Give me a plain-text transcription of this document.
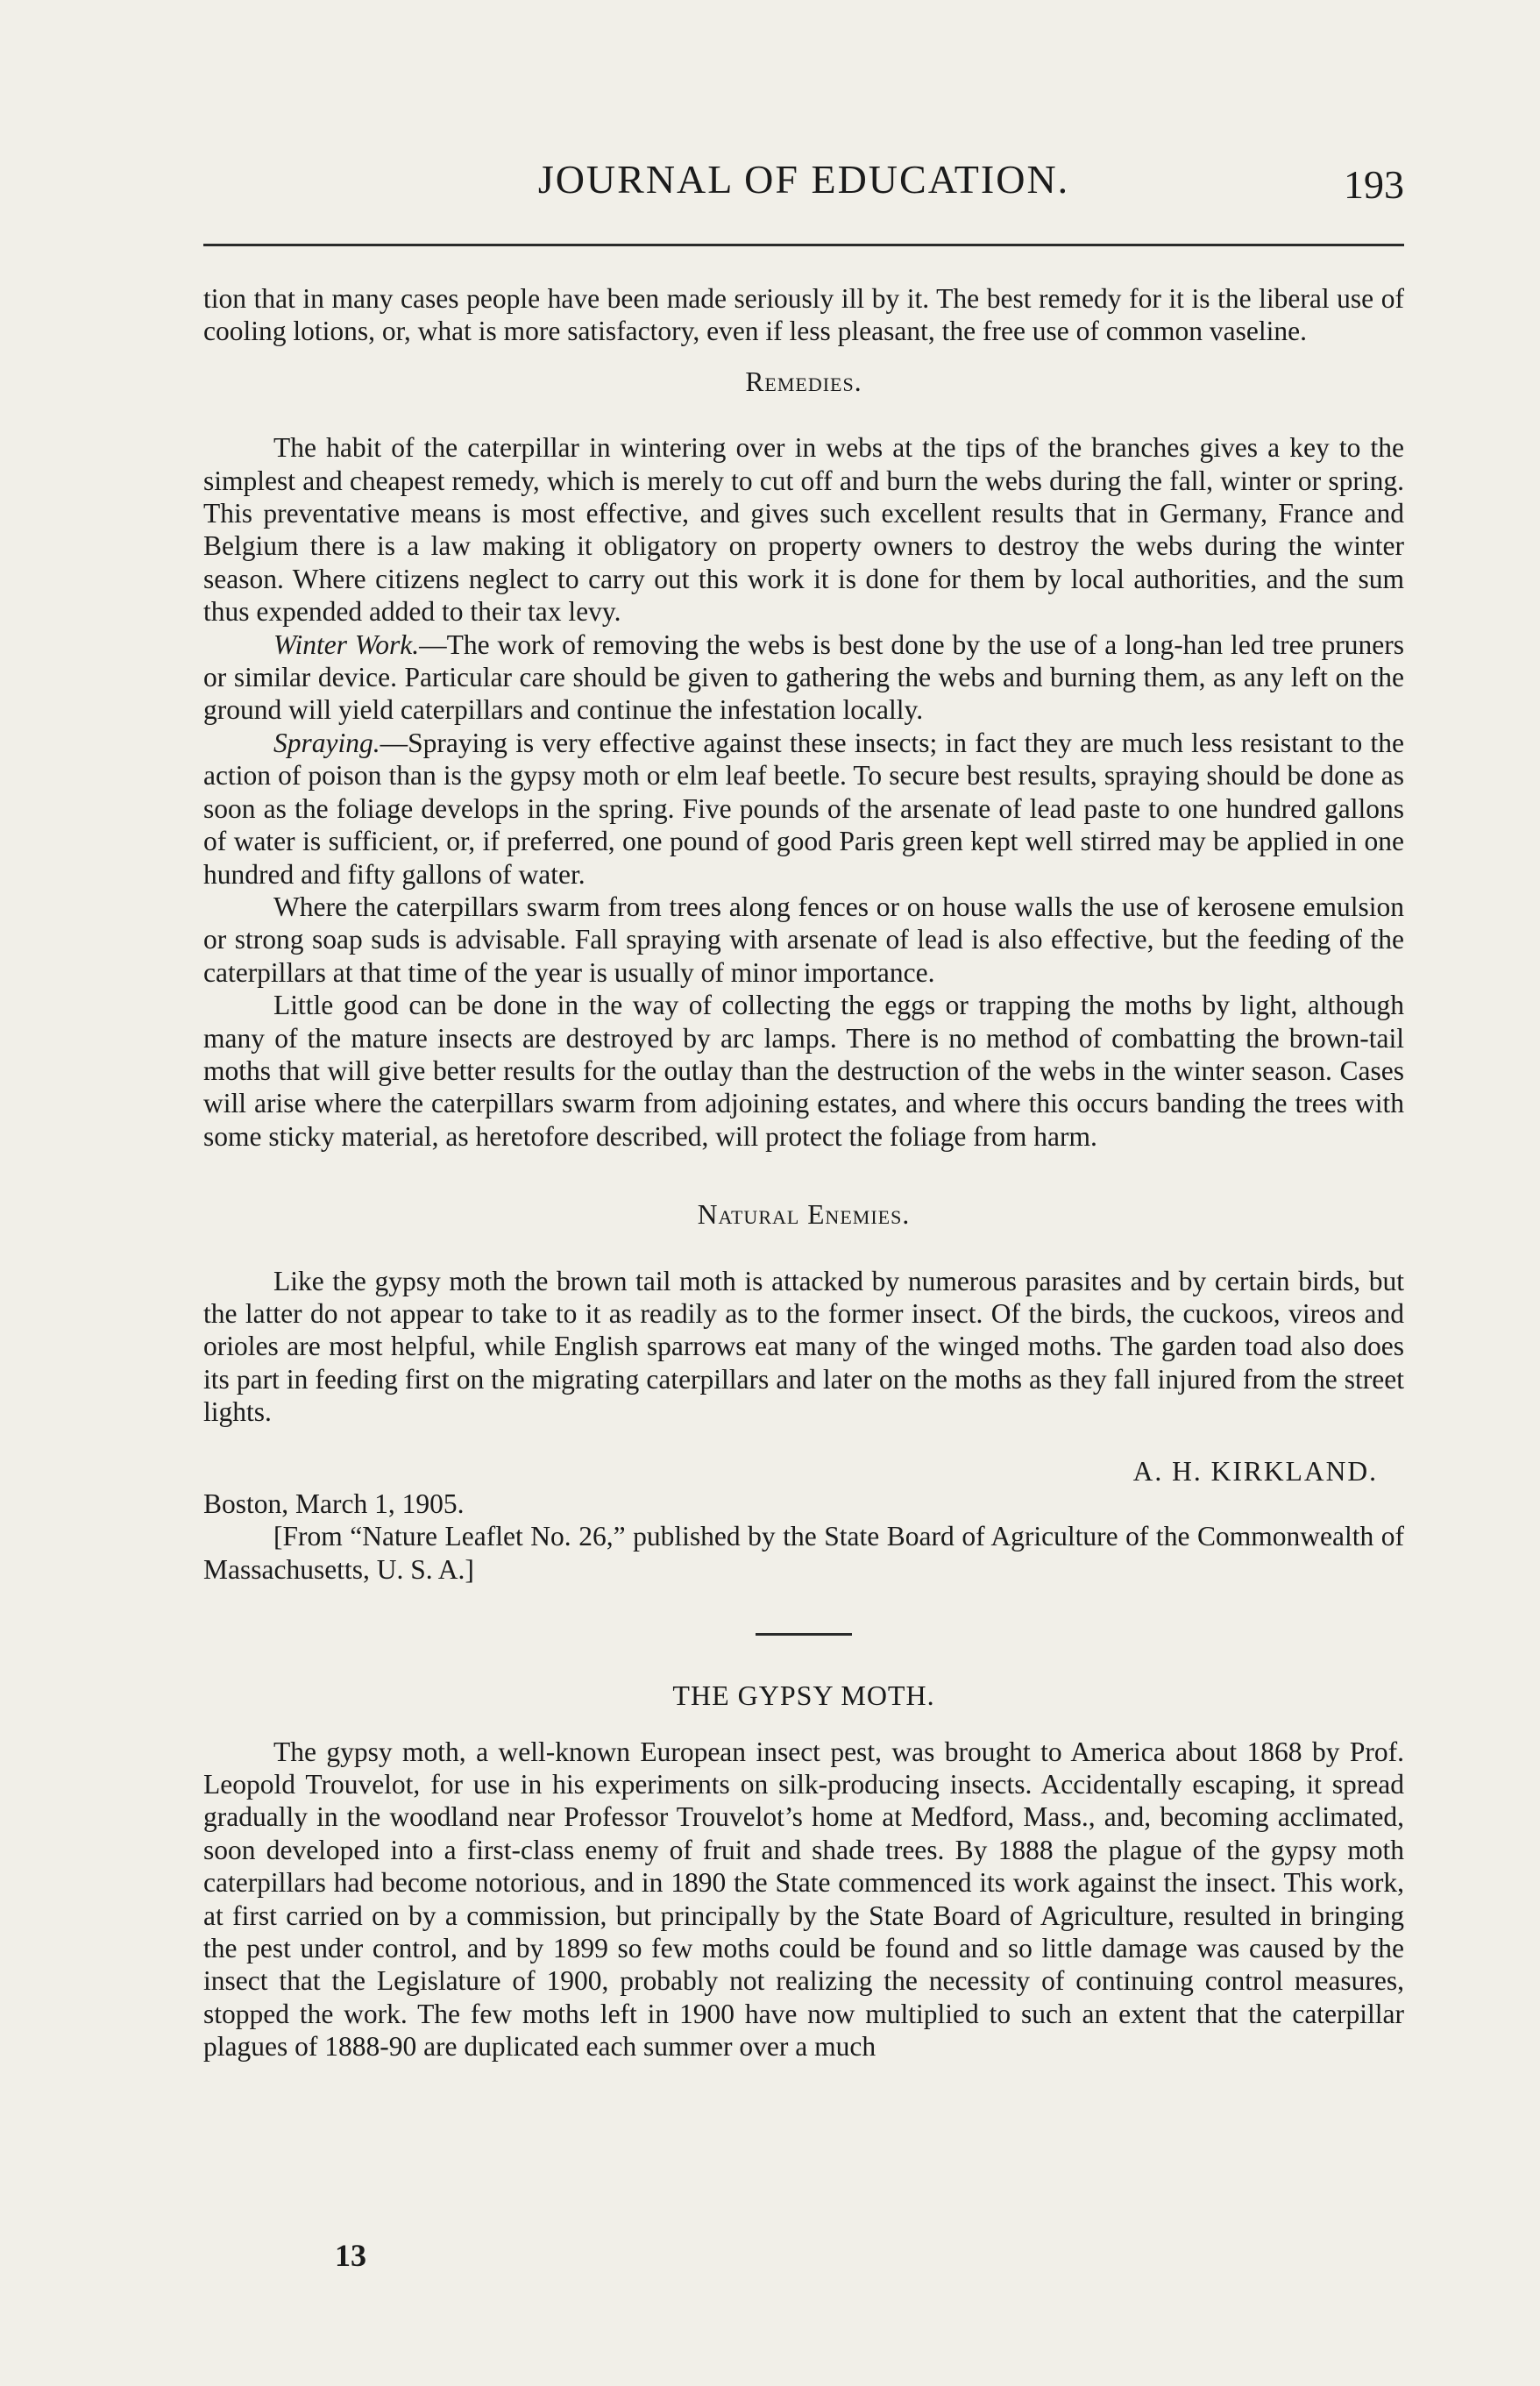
JOURNAL OF EDUCATION.	193

tion that in many cases people have been made seriously ill by it. The best remedy for it is the liberal use of cooling lotions, or, what is more satisfactory, even if less pleasant, the free use of common vaseline.

Remedies.

The habit of the caterpillar in wintering over in webs at the tips of the branches gives a key to the simplest and cheapest remedy, which is merely to cut off and burn the webs during the fall, winter or spring. This preventative means is most effective, and gives such excellent results that in Germany, France and Belgium there is a law making it obligatory on property owners to destroy the webs during the winter season. Where citizens neglect to carry out this work it is done for them by local authorities, and the sum thus expended added to their tax levy.

Winter Work.—The work of removing the webs is best done by the use of a long-han led tree pruners or similar device. Particular care should be given to gathering the webs and burning them, as any left on the ground will yield caterpillars and continue the infestation locally.

Spraying.—Spraying is very effective against these insects; in fact they are much less resistant to the action of poison than is the gypsy moth or elm leaf beetle. To secure best results, spraying should be done as soon as the foliage develops in the spring. Five pounds of the arsenate of lead paste to one hundred gallons of water is sufficient, or, if preferred, one pound of good Paris green kept well stirred may be applied in one hundred and fifty gallons of water.

Where the caterpillars swarm from trees along fences or on house walls the use of kerosene emulsion or strong soap suds is advisable. Fall spraying with arsenate of lead is also effective, but the feeding of the caterpillars at that time of the year is usually of minor importance.

Little good can be done in the way of collecting the eggs or trapping the moths by light, although many of the mature insects are destroyed by arc lamps. There is no method of combatting the brown-tail moths that will give better results for the outlay than the destruction of the webs in the winter season. Cases will arise where the caterpillars swarm from adjoining estates, and where this occurs banding the trees with some sticky material, as heretofore described, will protect the foliage from harm.

Natural Enemies.

Like the gypsy moth the brown tail moth is attacked by numerous parasites and by certain birds, but the latter do not appear to take to it as readily as to the former insect. Of the birds, the cuckoos, vireos and orioles are most helpful, while English sparrows eat many of the winged moths. The garden toad also does its part in feeding first on the migrating caterpillars and later on the moths as they fall injured from the street lights.

A. H. KIRKLAND.

Boston, March 1, 1905.

[From “Nature Leaflet No. 26,” published by the State Board of Agriculture of the Commonwealth of Massachusetts, U. S. A.]

THE GYPSY MOTH.

The gypsy moth, a well-known European insect pest, was brought to America about 1868 by Prof. Leopold Trouvelot, for use in his experiments on silk-producing insects. Accidentally escaping, it spread gradually in the woodland near Professor Trouvelot’s home at Medford, Mass., and, becoming acclimated, soon developed into a first-class enemy of fruit and shade trees. By 1888 the plague of the gypsy moth caterpillars had become notorious, and in 1890 the State commenced its work against the insect. This work, at first carried on by a commission, but principally by the State Board of Agriculture, resulted in bringing the pest under control, and by 1899 so few moths could be found and so little damage was caused by the insect that the Legislature of 1900, probably not realizing the necessity of continuing control measures, stopped the work. The few moths left in 1900 have now multiplied to such an extent that the caterpillar plagues of 1888-90 are duplicated each summer over a much

13
